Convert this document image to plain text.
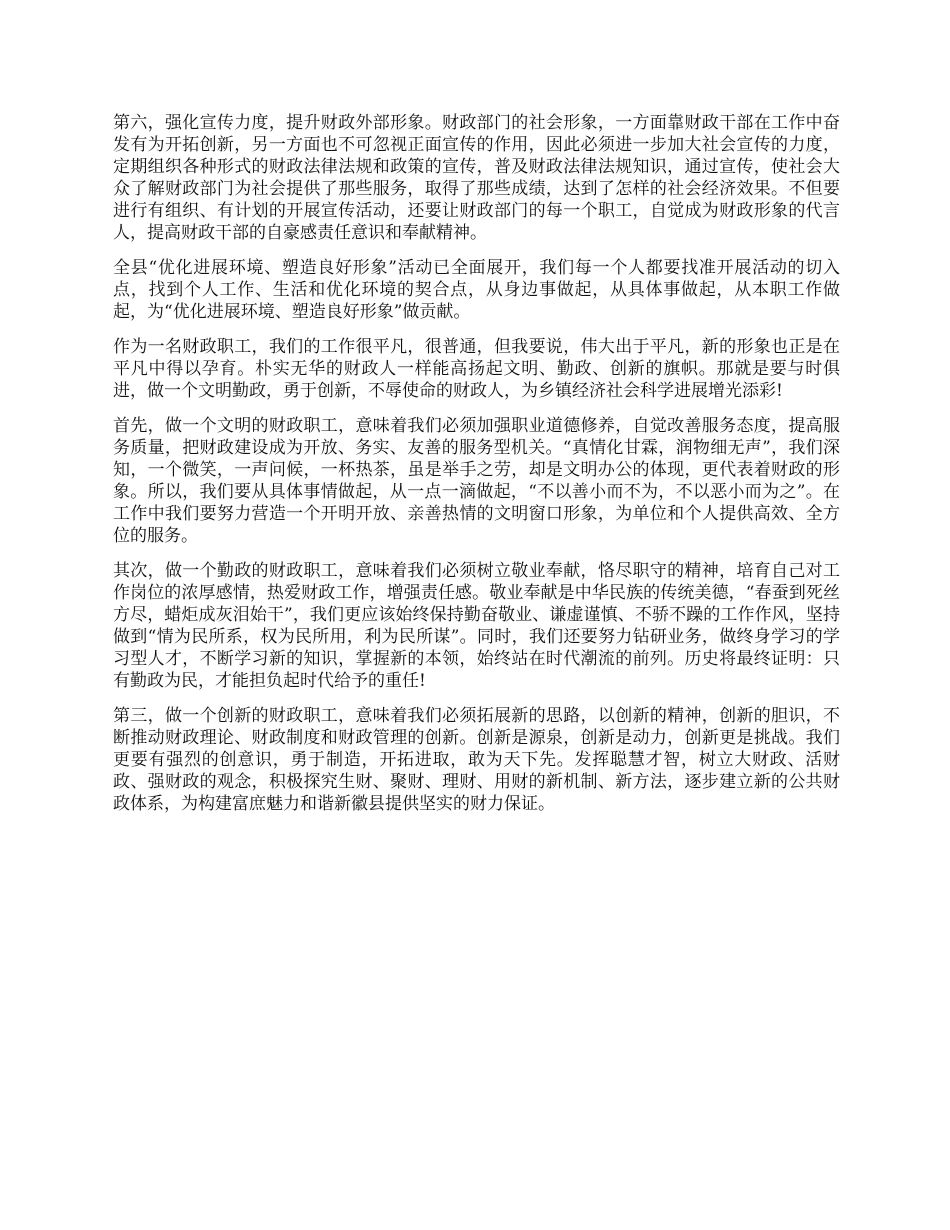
第六，强化宣传力度，提升财政外部形象。财政部门的社会形象，一方面靠财政干部在工作中奋发有为开拓创新，另一方面也不可忽视正面宣传的作用，因此必须进一步加大社会宣传的力度，定期组织各种形式的财政法律法规和政策的宣传，普及财政法律法规知识，通过宣传，使社会大众了解财政部门为社会提供了那些服务，取得了那些成绩，达到了怎样的社会经济效果。不但要进行有组织、有计划的开展宣传活动，还要让财政部门的每一个职工，自觉成为财政形象的代言人，提高财政干部的自豪感责任意识和奉献精神。

全县“优化进展环境、塑造良好形象”活动已全面展开，我们每一个人都要找准开展活动的切入点，找到个人工作、生活和优化环境的契合点，从身边事做起，从具体事做起，从本职工作做起，为“优化进展环境、塑造良好形象”做贡献。

作为一名财政职工，我们的工作很平凡，很普通，但我要说，伟大出于平凡，新的形象也正是在平凡中得以孕育。朴实无华的财政人一样能高扬起文明、勤政、创新的旗帜。那就是要与时俱进，做一个文明勤政，勇于创新，不辱使命的财政人，为乡镇经济社会科学进展增光添彩!

首先，做一个文明的财政职工，意味着我们必须加强职业道德修养，自觉改善服务态度，提高服务质量，把财政建设成为开放、务实、友善的服务型机关。“真情化甘霖，润物细无声”，我们深知，一个微笑，一声问候，一杯热茶，虽是举手之劳，却是文明办公的体现，更代表着财政的形象。所以，我们要从具体事情做起，从一点一滴做起，“不以善小而不为，不以恶小而为之”。在工作中我们要努力营造一个开明开放、亲善热情的文明窗口形象，为单位和个人提供高效、全方位的服务。

其次，做一个勤政的财政职工，意味着我们必须树立敬业奉献，恪尽职守的精神，培育自己对工作岗位的浓厚感情，热爱财政工作，增强责任感。敬业奉献是中华民族的传统美德，“春蚕到死丝方尽，蜡炬成灰泪始干”，我们更应该始终保持勤奋敬业、谦虚谨慎、不骄不躁的工作作风，坚持做到“情为民所系，权为民所用，利为民所谋”。同时，我们还要努力钻研业务，做终身学习的学习型人才，不断学习新的知识，掌握新的本领，始终站在时代潮流的前列。历史将最终证明：只有勤政为民，才能担负起时代给予的重任!

第三，做一个创新的财政职工，意味着我们必须拓展新的思路，以创新的精神，创新的胆识，不断推动财政理论、财政制度和财政管理的创新。创新是源泉，创新是动力，创新更是挑战。我们更要有强烈的创意识，勇于制造，开拓进取，敢为天下先。发挥聪慧才智，树立大财政、活财政、强财政的观念，积极探究生财、聚财、理财、用财的新机制、新方法，逐步建立新的公共财政体系，为构建富庶魅力和谐新徽县提供坚实的财力保证。
